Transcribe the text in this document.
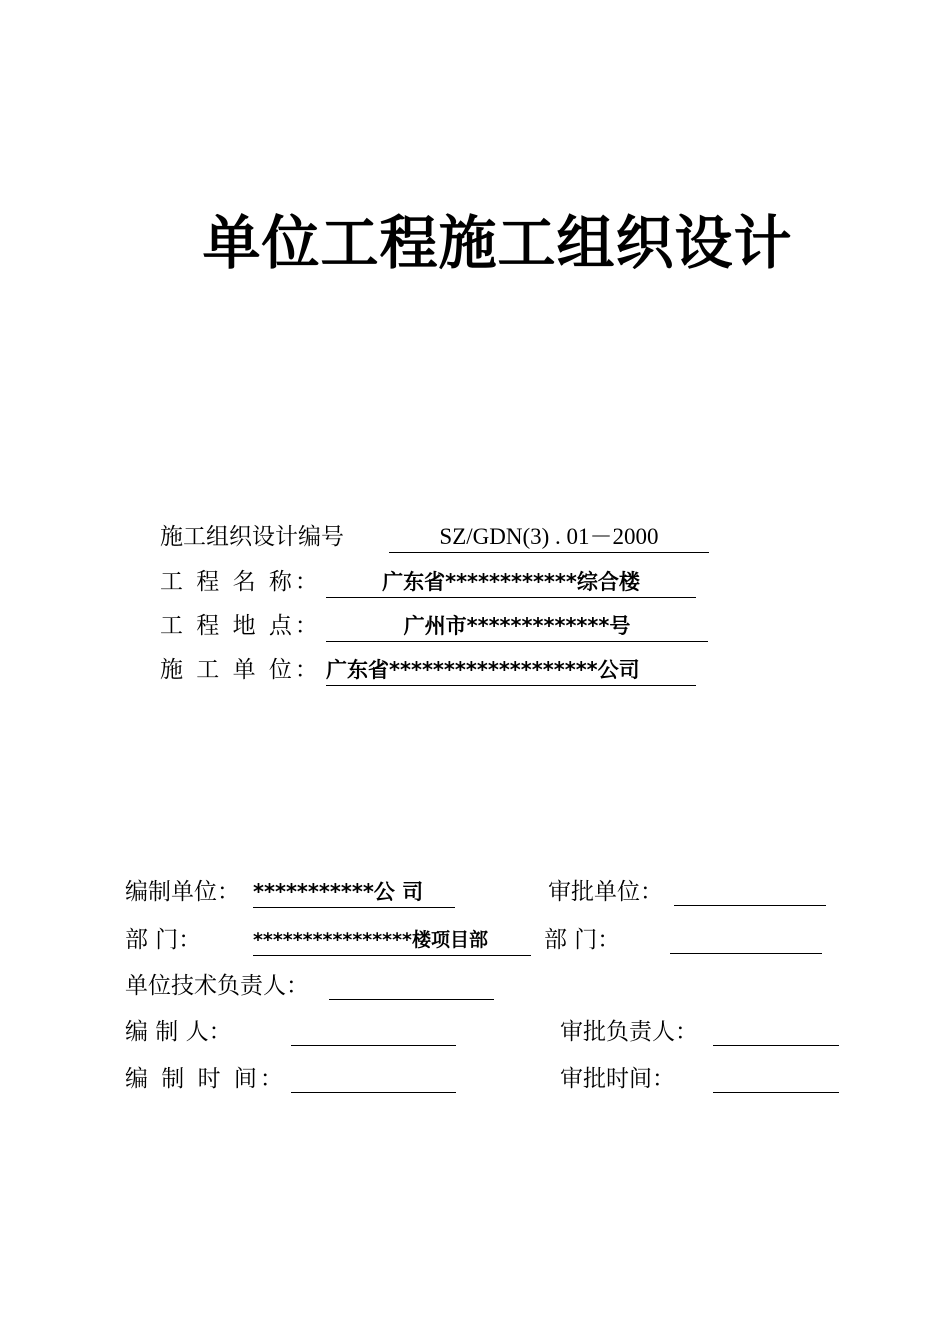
单位工程施工组织设计
施工组织设计编号	SZ/GDN(3) . 01－2000
工 程 名 称：	广东省************综合楼
工 程 地 点：	广州市*************号
施 工 单 位： 广东省*******************公司
编制单位： ***********公 司	审批单位：
部 门：	****************楼项目部	部 门：
单位技术负责人：
编 制 人：	审批负责人：
编 制 时 间：	审批时间：
